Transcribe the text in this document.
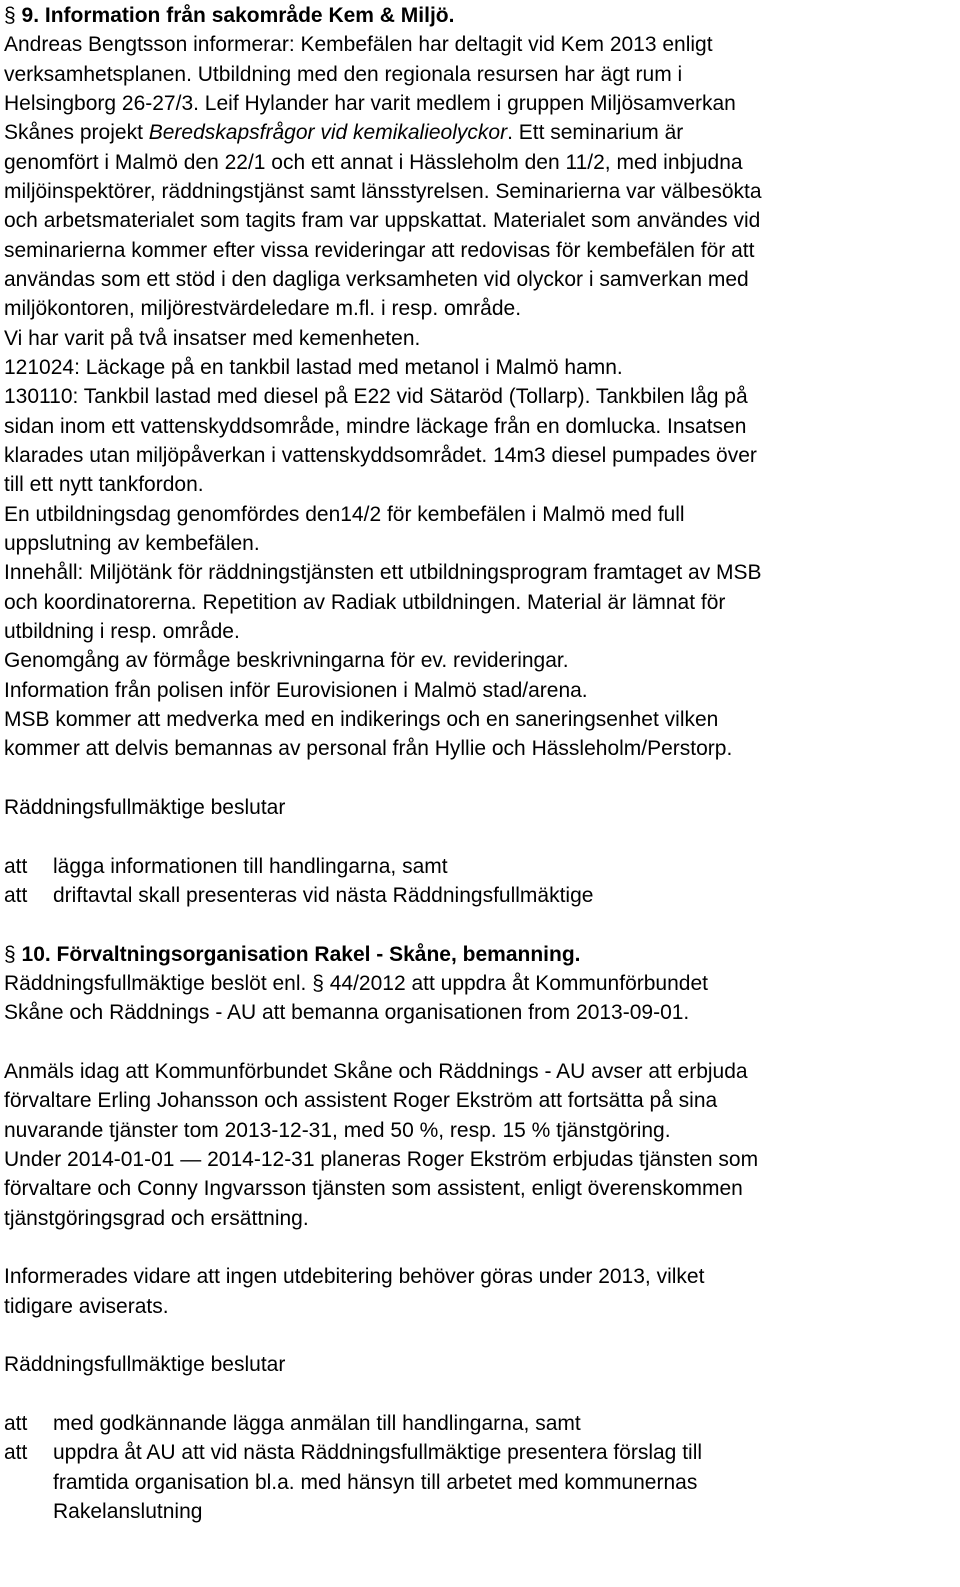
§ 9. Information från sakområde Kem & Miljö.
Andreas Bengtsson informerar: Kembefälen har deltagit vid Kem 2013 enligt
verksamhetsplanen. Utbildning med den regionala resursen har ägt rum i
Helsingborg 26-27/3. Leif Hylander har varit medlem i gruppen Miljösamverkan
Skånes projekt Beredskapsfrågor vid kemikalieolyckor. Ett seminarium är
genomfört i Malmö den 22/1 och ett annat i Hässleholm den 11/2, med inbjudna
miljöinspektörer, räddningstjänst samt länsstyrelsen. Seminarierna var välbesökta
och arbetsmaterialet som tagits fram var uppskattat. Materialet som användes vid
seminarierna kommer efter vissa revideringar att redovisas för kembefälen för att
användas som ett stöd i den dagliga verksamheten vid olyckor i samverkan med
miljökontoren, miljörestvärdeledare m.fl. i resp. område.
Vi har varit på två insatser med kemenheten.
121024: Läckage på en tankbil lastad med metanol i Malmö hamn.
130110: Tankbil lastad med diesel på E22 vid Sätaröd (Tollarp). Tankbilen låg på
sidan inom ett vattenskyddsområde, mindre läckage från en domlucka. Insatsen
klarades utan miljöpåverkan i vattenskyddsområdet. 14m3 diesel pumpades över
till ett nytt tankfordon.
En utbildningsdag genomfördes den14/2 för kembefälen i Malmö med full
uppslutning av kembefälen.
Innehåll: Miljötänk för räddningstjänsten ett utbildningsprogram framtaget av MSB
och koordinatorerna. Repetition av Radiak utbildningen. Material är lämnat för
utbildning i resp. område.
Genomgång av förmåge beskrivningarna för ev. revideringar.
Information från polisen inför Eurovisionen i Malmö stad/arena.
MSB kommer att medverka med en indikerings och en saneringsenhet vilken
kommer att delvis bemannas av personal från Hyllie och Hässleholm/Perstorp.
Räddningsfullmäktige beslutar
att lägga informationen till handlingarna, samt
att driftavtal skall presenteras vid nästa Räddningsfullmäktige
§ 10. Förvaltningsorganisation Rakel - Skåne, bemanning.
Räddningsfullmäktige beslöt enl. § 44/2012 att uppdra åt Kommunförbundet
Skåne och Räddnings - AU att bemanna organisationen from 2013-09-01.
Anmäls idag att Kommunförbundet Skåne och Räddnings - AU avser att erbjuda
förvaltare Erling Johansson och assistent Roger Ekström att fortsätta på sina
nuvarande tjänster tom 2013-12-31, med 50 %, resp. 15 % tjänstgöring.
Under 2014-01-01 — 2014-12-31 planeras Roger Ekström erbjudas tjänsten som
förvaltare och Conny Ingvarsson tjänsten som assistent, enligt överenskommen
tjänstgöringsgrad och ersättning.
Informerades vidare att ingen utdebitering behöver göras under 2013, vilket
tidigare aviserats.
Räddningsfullmäktige beslutar
att med godkännande lägga anmälan till handlingarna, samt
att uppdra åt AU att vid nästa Räddningsfullmäktige presentera förslag till
framtida organisation bl.a. med hänsyn till arbetet med kommunernas
Rakelanslutning
